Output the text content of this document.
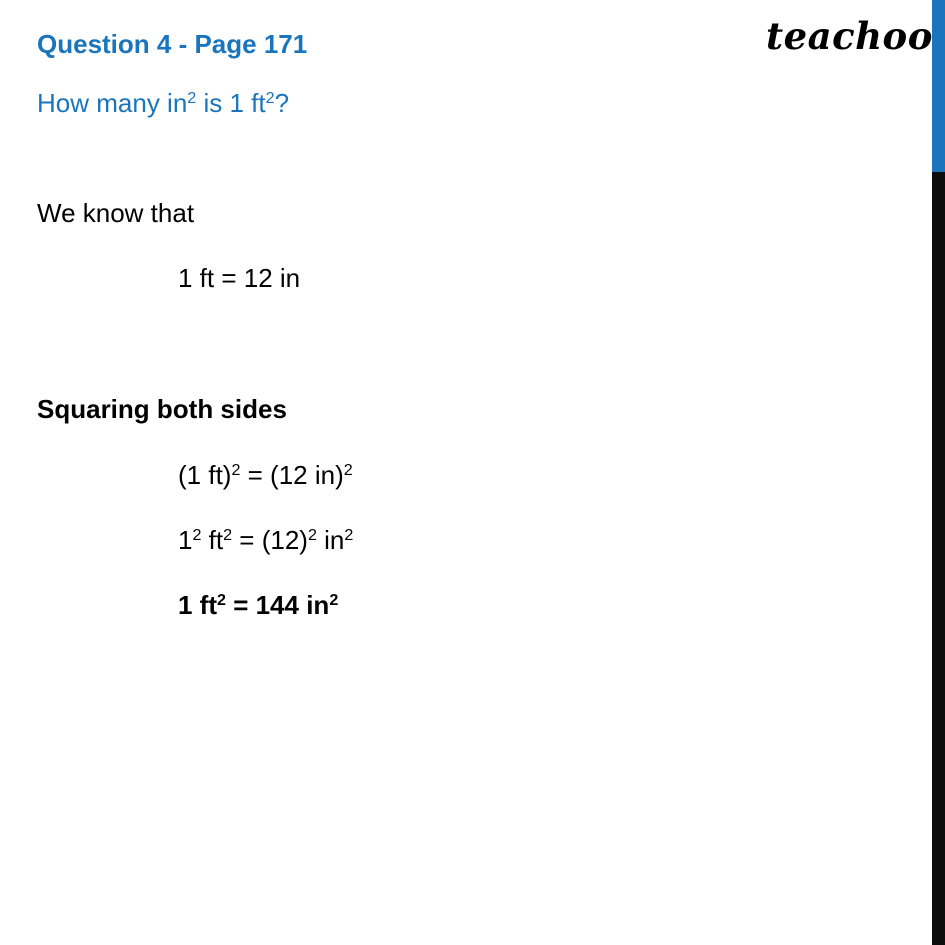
Question 4 - Page 171	teachoo
How many $in^2$ is 1 $ft^2$?
We know that
1 ft = 12 in
Squaring both sides
(1 ft)$^2$ = (12 in)$^2$
$1^2$ $ft^2 = (12)^2$ $in^2$
1 $ft^2 = 144$ $in^2$
